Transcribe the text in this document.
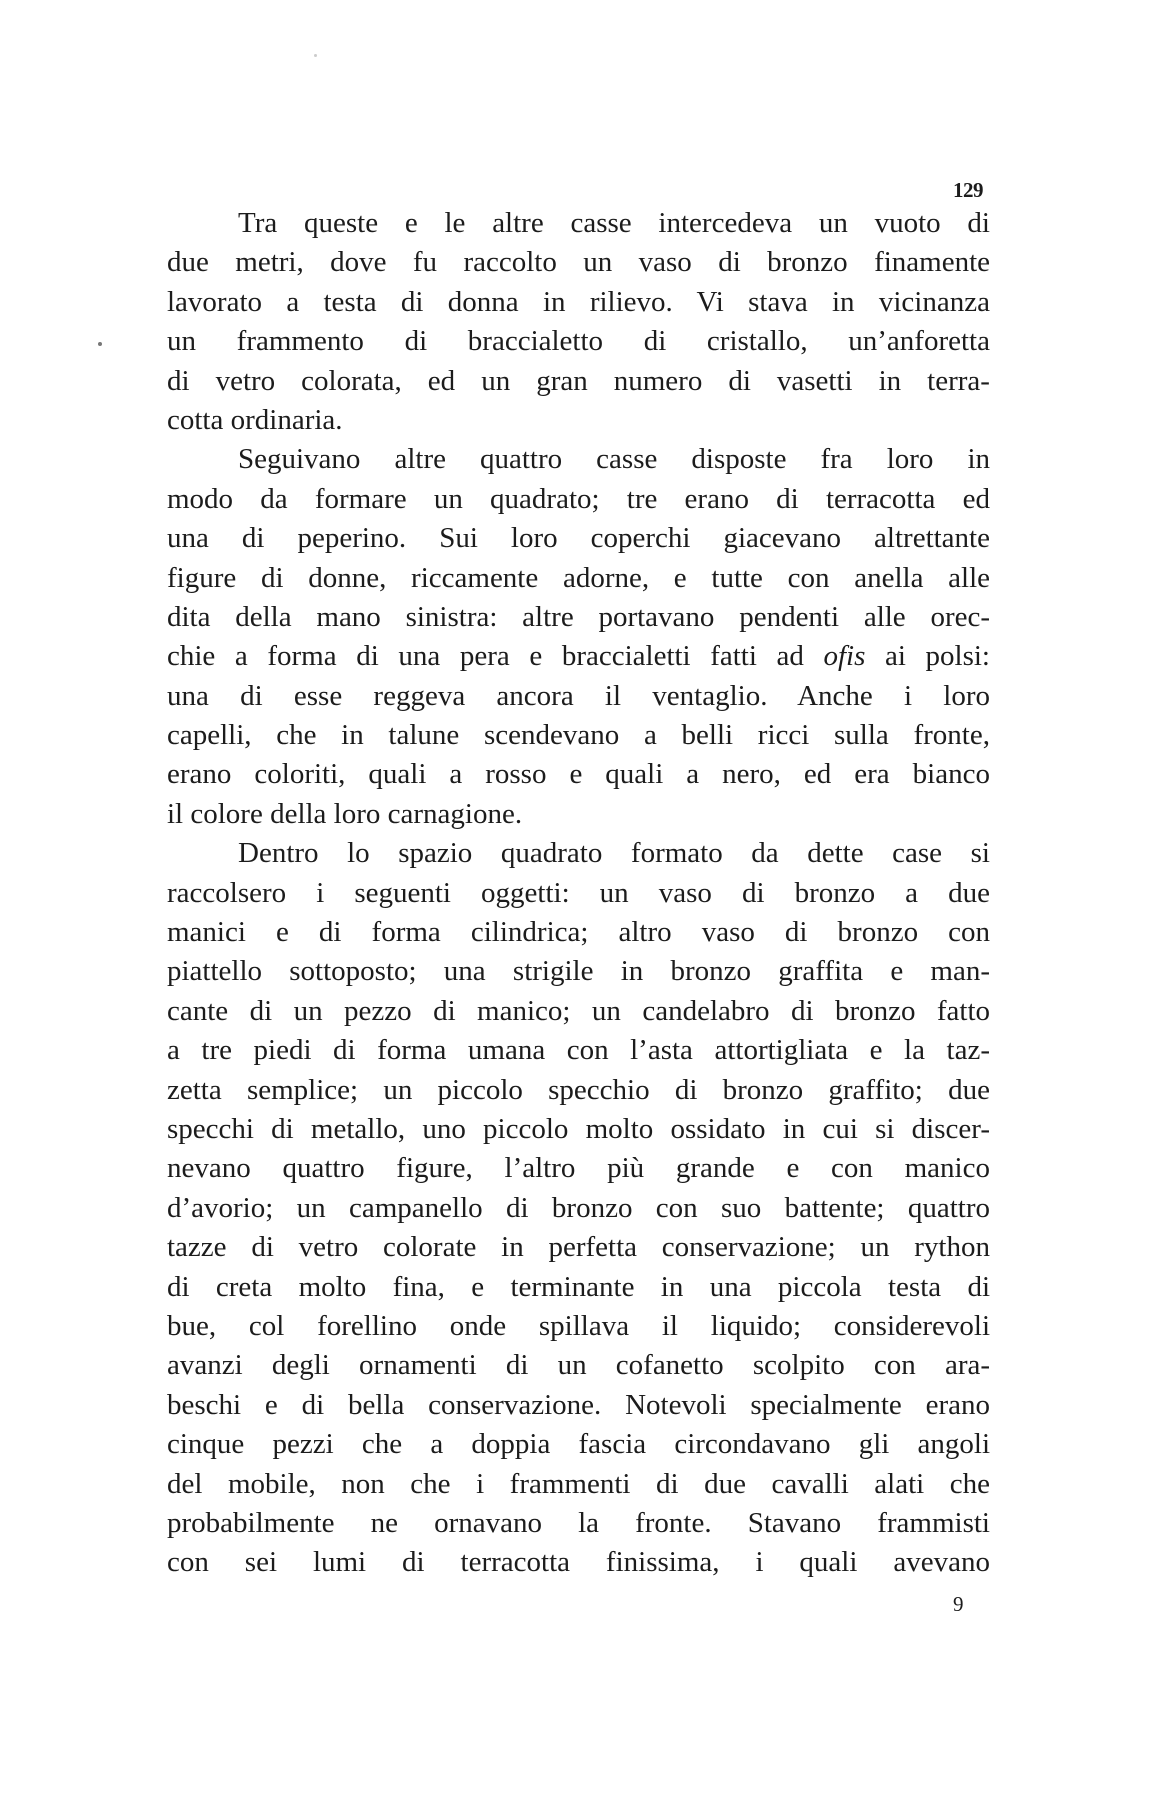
129
Tra queste e le altre casse intercedeva un vuoto di
due metri, dove fu raccolto un vaso di bronzo finamente
lavorato a testa di donna in rilievo. Vi stava in vicinanza
un frammento di braccialetto di cristallo, un’anforetta
di vetro colorata, ed un gran numero di vasetti in terra-
cotta ordinaria.
Seguivano altre quattro casse disposte fra loro in
modo da formare un quadrato; tre erano di terracotta ed
una di peperino. Sui loro coperchi giacevano altrettante
figure di donne, riccamente adorne, e tutte con anella alle
dita della mano sinistra: altre portavano pendenti alle orec-
chie a forma di una pera e braccialetti fatti ad ofis ai polsi:
una di esse reggeva ancora il ventaglio. Anche i loro
capelli, che in talune scendevano a belli ricci sulla fronte,
erano coloriti, quali a rosso e quali a nero, ed era bianco
il colore della loro carnagione.
Dentro lo spazio quadrato formato da dette case si
raccolsero i seguenti oggetti: un vaso di bronzo a due
manici e di forma cilindrica; altro vaso di bronzo con
piattello sottoposto; una strigile in bronzo graffita e man-
cante di un pezzo di manico; un candelabro di bronzo fatto
a tre piedi di forma umana con l’asta attortigliata e la taz-
zetta semplice; un piccolo specchio di bronzo graffito; due
specchi di metallo, uno piccolo molto ossidato in cui si discer-
nevano quattro figure, l’altro più grande e con manico
d’avorio; un campanello di bronzo con suo battente; quattro
tazze di vetro colorate in perfetta conservazione; un rython
di creta molto fina, e terminante in una piccola testa di
bue, col forellino onde spillava il liquido; considerevoli
avanzi degli ornamenti di un cofanetto scolpito con ara-
beschi e di bella conservazione. Notevoli specialmente erano
cinque pezzi che a doppia fascia circondavano gli angoli
del mobile, non che i frammenti di due cavalli alati che
probabilmente ne ornavano la fronte. Stavano frammisti
con sei lumi di terracotta finissima, i quali avevano
9
